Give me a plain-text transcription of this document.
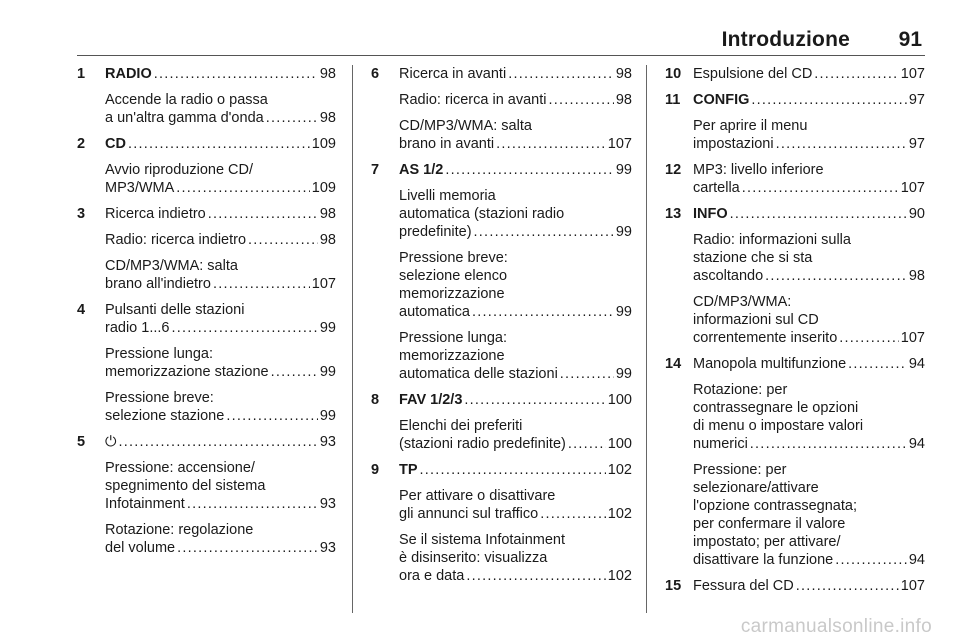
Introduzione 91
1 RADIO . . .	98
Accende la radio o passa
a un'altra gamma d'onda . . .	98
2 CD . . .	109
Avvio riproduzione CD/
MP3/WMA . . .	109
3 Ricerca indietro . . .	98
Radio: ricerca indietro . . .	98
CD/MP3/WMA: salta
brano all'indietro . . .	107
4 Pulsanti delle stazioni
radio 1...6 . . .	99
Pressione lunga:
memorizzazione stazione . . .	99
Pressione breve:
selezione stazione . . .	99
5 ⏻ . . .	93
Pressione: accensione/
spegnimento del sistema
Infotainment . . .	93
Rotazione: regolazione
del volume . . .	93
6 Ricerca in avanti . . .	98
Radio: ricerca in avanti . . .	98
CD/MP3/WMA: salta
brano in avanti . . .	107
7 AS 1/2 . . .	99
Livelli memoria
automatica (stazioni radio
predefinite) . . .	99
Pressione breve:
selezione elenco
memorizzazione
automatica . . .	99
Pressione lunga:
memorizzazione
automatica delle stazioni . . .	99
8 FAV 1/2/3 . . .	100
Elenchi dei preferiti
(stazioni radio predefinite) . . .	100
9 TP . . .	102
Per attivare o disattivare
gli annunci sul traffico . . .	102
Se il sistema Infotainment
è disinserito: visualizza
ora e data . . .	102
10 Espulsione del CD . . .	107
11 CONFIG . . .	97
Per aprire il menu
impostazioni . . .	97
12 MP3: livello inferiore
cartella . . .	107
13 INFO . . .	90
Radio: informazioni sulla
stazione che si sta
ascoltando . . .	98
CD/MP3/WMA:
informazioni sul CD
correntemente inserito . . .	107
14 Manopola multifunzione . . .	94
Rotazione: per
contrassegnare le opzioni
di menu o impostare valori
numerici . . .	94
Pressione: per
selezionare/attivare
l'opzione contrassegnata;
per confermare il valore
impostato; per attivare/
disattivare la funzione . . .	94
15 Fessura del CD . . .	107
carmanualsonline.info
